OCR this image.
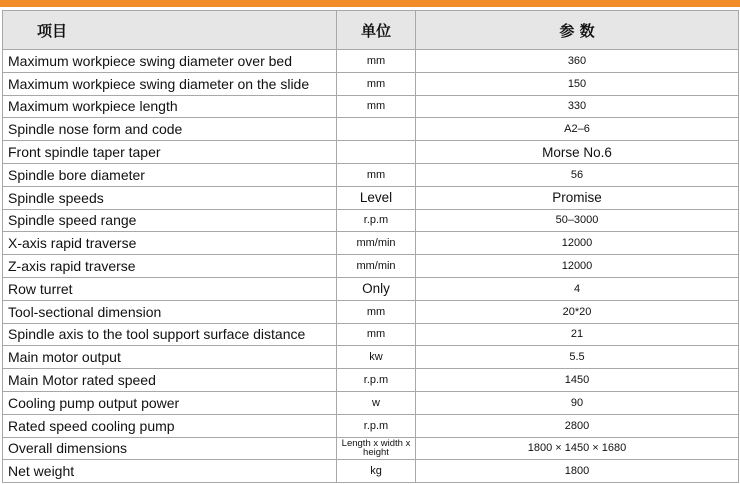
项目	单位	参 数
Maximum workpiece swing diameter over bed	mm	360
Maximum workpiece swing diameter on the slide	mm	150
Maximum workpiece length	mm	330
Spindle nose form and code		A2–6
Front spindle taper taper		Morse No.6
Spindle bore diameter	mm	56
Spindle speeds	Level	Promise
Spindle speed range	r.p.m	50–3000
X-axis rapid traverse	mm/min	12000
Z-axis rapid traverse	mm/min	12000
Row turret	Only	4
Tool-sectional dimension	mm	20*20
Spindle axis to the tool support surface distance	mm	21
Main motor output	kw	5.5
Main Motor rated speed	r.p.m	1450
Cooling pump output power	w	90
Rated speed cooling pump	r.p.m	2800
Overall dimensions	Length x width x height	1800 × 1450 × 1680
Net weight	kg	1800
